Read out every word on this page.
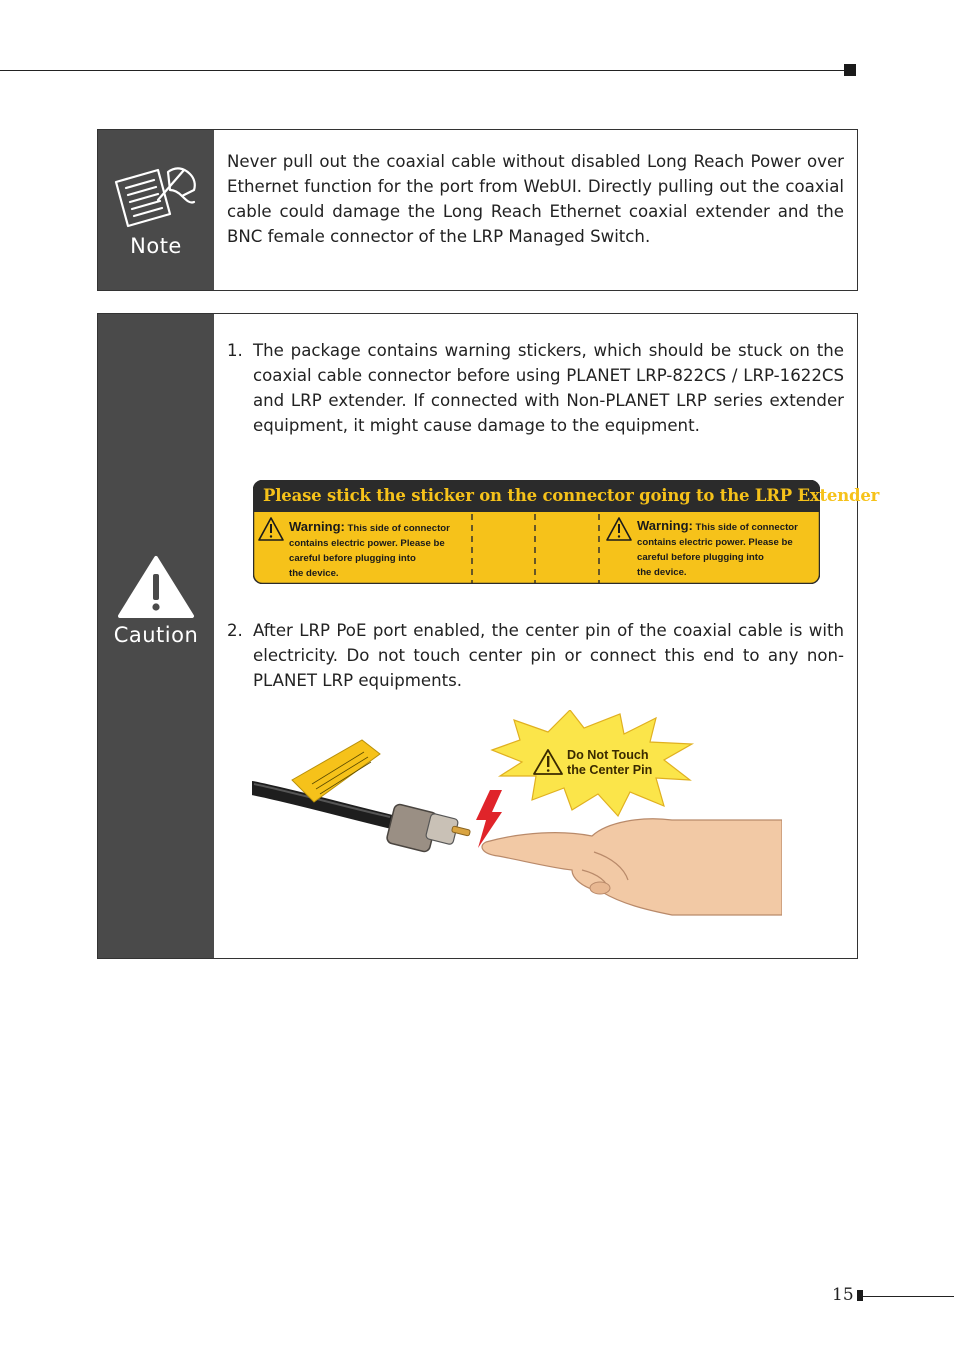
Note
Never pull out the coaxial cable without disabled Long Reach Power over Ethernet function for the port from WebUI. Directly pulling out the coaxial cable could damage the Long Reach Ethernet coaxial extender and the BNC female connector of the LRP Managed Switch.
Caution
1. The package contains warning stickers, which should be stuck on the coaxial cable connector before using PLANET LRP-822CS / LRP-1622CS and LRP extender. If connected with Non-PLANET LRP series extender equipment, it might cause damage to the equipment.
Please stick the sticker on the connector going to the LRP Extender
Warning: This side of connector
contains electric power. Please be
careful before plugging into
the device.
Warning: This side of connector
contains electric power. Please be
careful before plugging into
the device.
2. After LRP PoE port enabled, the center pin of the coaxial cable is with electricity. Do not touch center pin or connect this end to any non- PLANET LRP equipments.
Do Not Touch
the Center Pin
15
